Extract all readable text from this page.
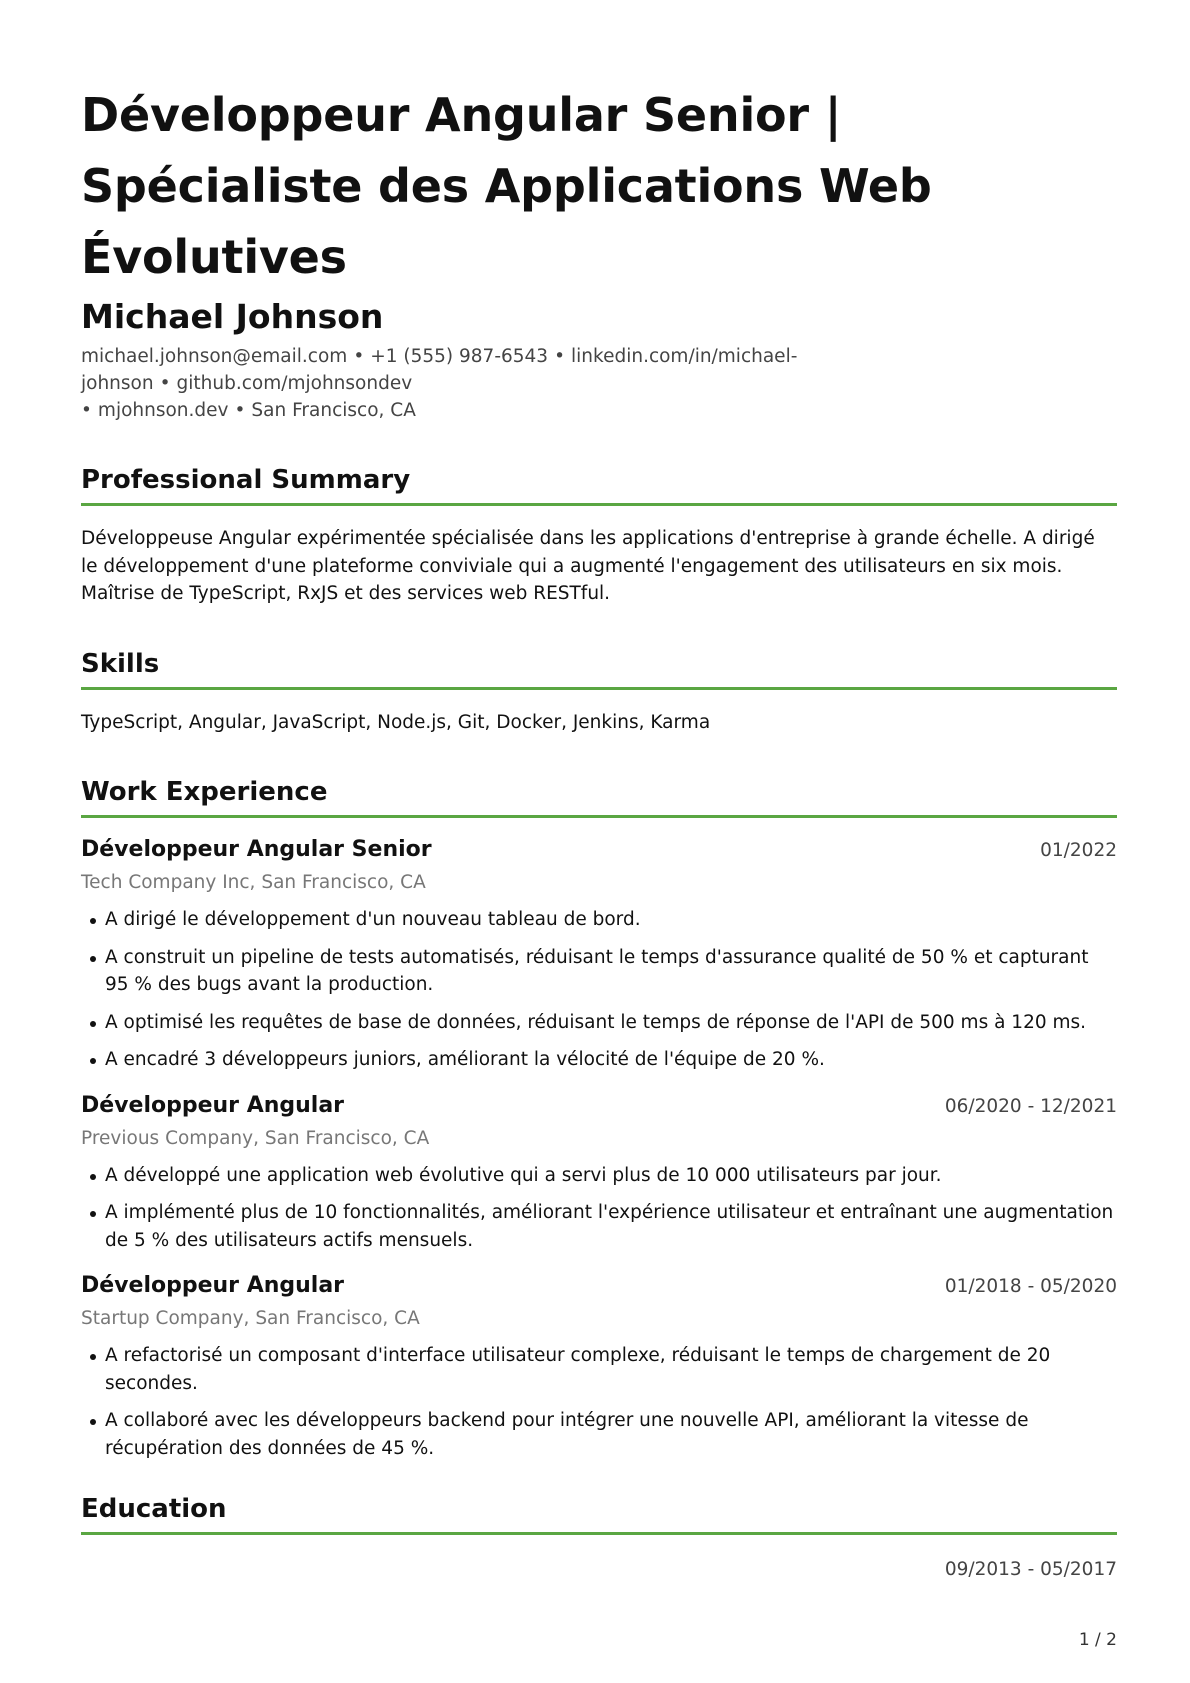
Développeur Angular Senior |
Spécialiste des Applications Web
Évolutives
Michael Johnson
michael.johnson@email.com • +1 (555) 987-6543 • linkedin.com/in/michael-johnson • github.com/mjohnsondev
• mjohnson.dev • San Francisco, CA
Professional Summary
Développeuse Angular expérimentée spécialisée dans les applications d'entreprise à grande échelle. A dirigé le développement d'une plateforme conviviale qui a augmenté l'engagement des utilisateurs en six mois. Maîtrise de TypeScript, RxJS et des services web RESTful.
Skills
TypeScript, Angular, JavaScript, Node.js, Git, Docker, Jenkins, Karma
Work Experience
Développeur Angular Senior	01/2022
Tech Company Inc, San Francisco, CA
A dirigé le développement d'un nouveau tableau de bord.
A construit un pipeline de tests automatisés, réduisant le temps d'assurance qualité de 50 % et capturant 95 % des bugs avant la production.
A optimisé les requêtes de base de données, réduisant le temps de réponse de l'API de 500 ms à 120 ms.
A encadré 3 développeurs juniors, améliorant la vélocité de l'équipe de 20 %.
Développeur Angular	06/2020 - 12/2021
Previous Company, San Francisco, CA
A développé une application web évolutive qui a servi plus de 10 000 utilisateurs par jour.
A implémenté plus de 10 fonctionnalités, améliorant l'expérience utilisateur et entraînant une augmentation de 5 % des utilisateurs actifs mensuels.
Développeur Angular	01/2018 - 05/2020
Startup Company, San Francisco, CA
A refactorisé un composant d'interface utilisateur complexe, réduisant le temps de chargement de 20 secondes.
A collaboré avec les développeurs backend pour intégrer une nouvelle API, améliorant la vitesse de récupération des données de 45 %.
Education
09/2013 - 05/2017
1 / 2
